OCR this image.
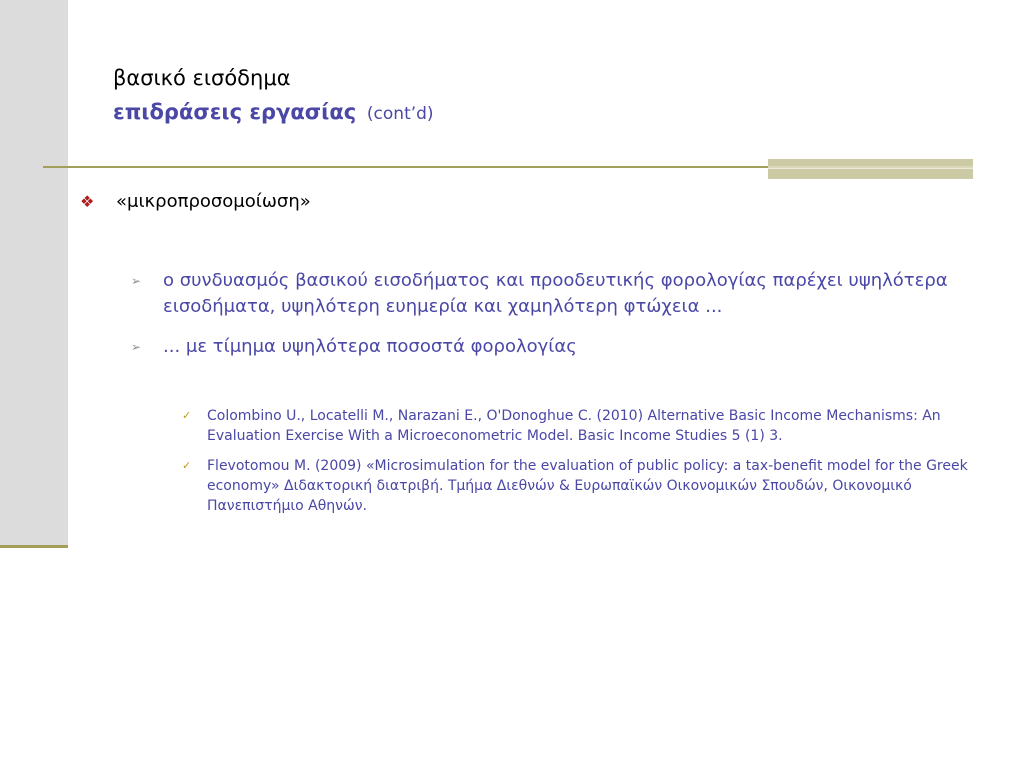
βασικό εισόδημα
επιδράσεις εργασίας (cont’d)
❖ «μικροπροσομοίωση»
➢	ο συνδυασμός βασικού εισοδήματος και προοδευτικής φορολογίας παρέχει υψηλότερα εισοδήματα, υψηλότερη ευημερία και χαμηλότερη φτώχεια ...
➢	... με τίμημα υψηλότερα ποσοστά φορολογίας
✓	Colombino U., Locatelli M., Narazani E., O'Donoghue C. (2010) Alternative Basic Income Mechanisms: An Evaluation Exercise With a Microeconometric Model. Basic Income Studies 5 (1) 3.
✓	Flevotomou M. (2009) «Microsimulation for the evaluation of public policy: a tax-benefit model for the Greek economy» Διδακτορική διατριβή. Τμήμα Διεθνών & Ευρωπαϊκών Οικονομικών Σπουδών, Οικονομικό Πανεπιστήμιο Αθηνών.
